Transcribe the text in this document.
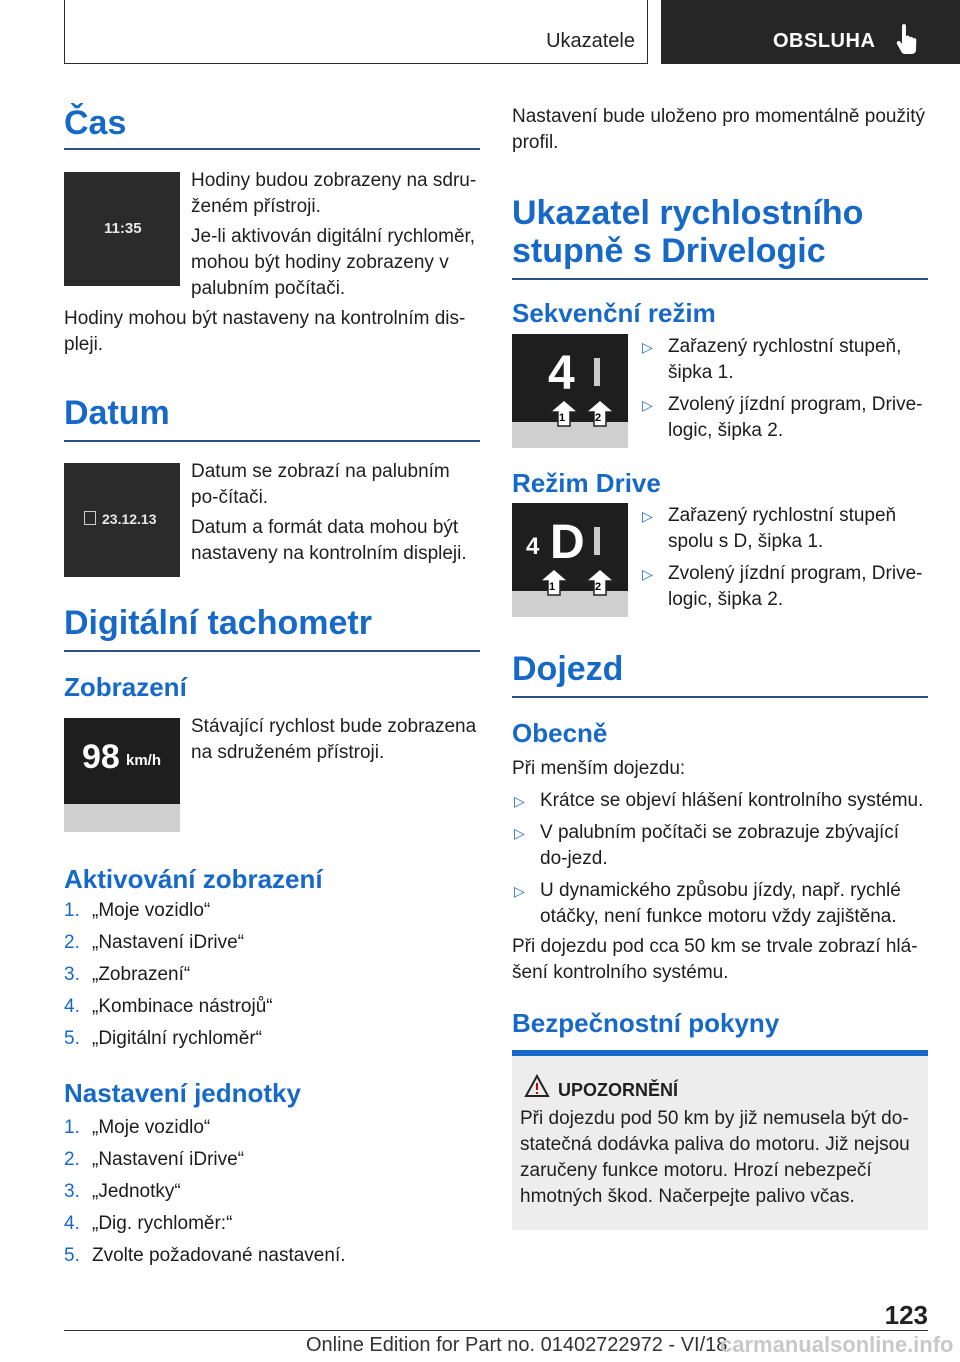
Ukazatele	OBSLUHA
Čas
11:35

Hodiny budou zobrazeny na sdru‐ženém přístroji.

Je-li aktivován digitální rychloměr, mohou být hodiny zobrazeny v palubním počítači.

Hodiny mohou být nastaveny na kontrolním dis‐pleji.

Datum
23.12.13

Datum se zobrazí na palubním po‐čítači.

Datum a formát data mohou být nastaveny na kontrolním displeji.

Digitální tachometr
Zobrazení
98 km/h

Stávající rychlost bude zobrazena na sdruženém přístroji.

Aktivování zobrazení
1. „Moje vozidlo“
2. „Nastavení iDrive“
3. „Zobrazení“
4. „Kombinace nástrojů“
5. „Digitální rychloměr“
Nastavení jednotky
1. „Moje vozidlo“
2. „Nastavení iDrive“
3. „Jednotky“
4. „Dig. rychloměr:“
5. Zvolte požadované nastavení.

Nastavení bude uloženo pro momentálně použitý profil.

Ukazatel rychlostního stupně s Drivelogic
Sekvenční režim
4
1	2
▷ Zařazený rychlostní stupeň, šipka 1.
▷ Zvolený jízdní program, Drive‐logic, šipka 2.
Režim Drive
4 D
1	2
▷ Zařazený rychlostní stupeň spolu s D, šipka 1.
▷ Zvolený jízdní program, Drive‐logic, šipka 2.
Dojezd
Obecně

Při menším dojezdu:

▷ Krátce se objeví hlášení kontrolního systému.
▷ V palubním počítači se zobrazuje zbývající do‐jezd.
▷ U dynamického způsobu jízdy, např. rychlé otáčky, není funkce motoru vždy zajištěna.

Při dojezdu pod cca 50 km se trvale zobrazí hlá‐šení kontrolního systému.

Bezpečnostní pokyny
UPOZORNĚNÍ

Při dojezdu pod 50 km by již nemusela být do‐statečná dodávka paliva do motoru. Již nejsou zaručeny funkce motoru. Hrozí nebezpečí hmotných škod. Načerpejte palivo včas.

123
Online Edition for Part no. 01402722972 - VI/18
carmanualsonline.info
